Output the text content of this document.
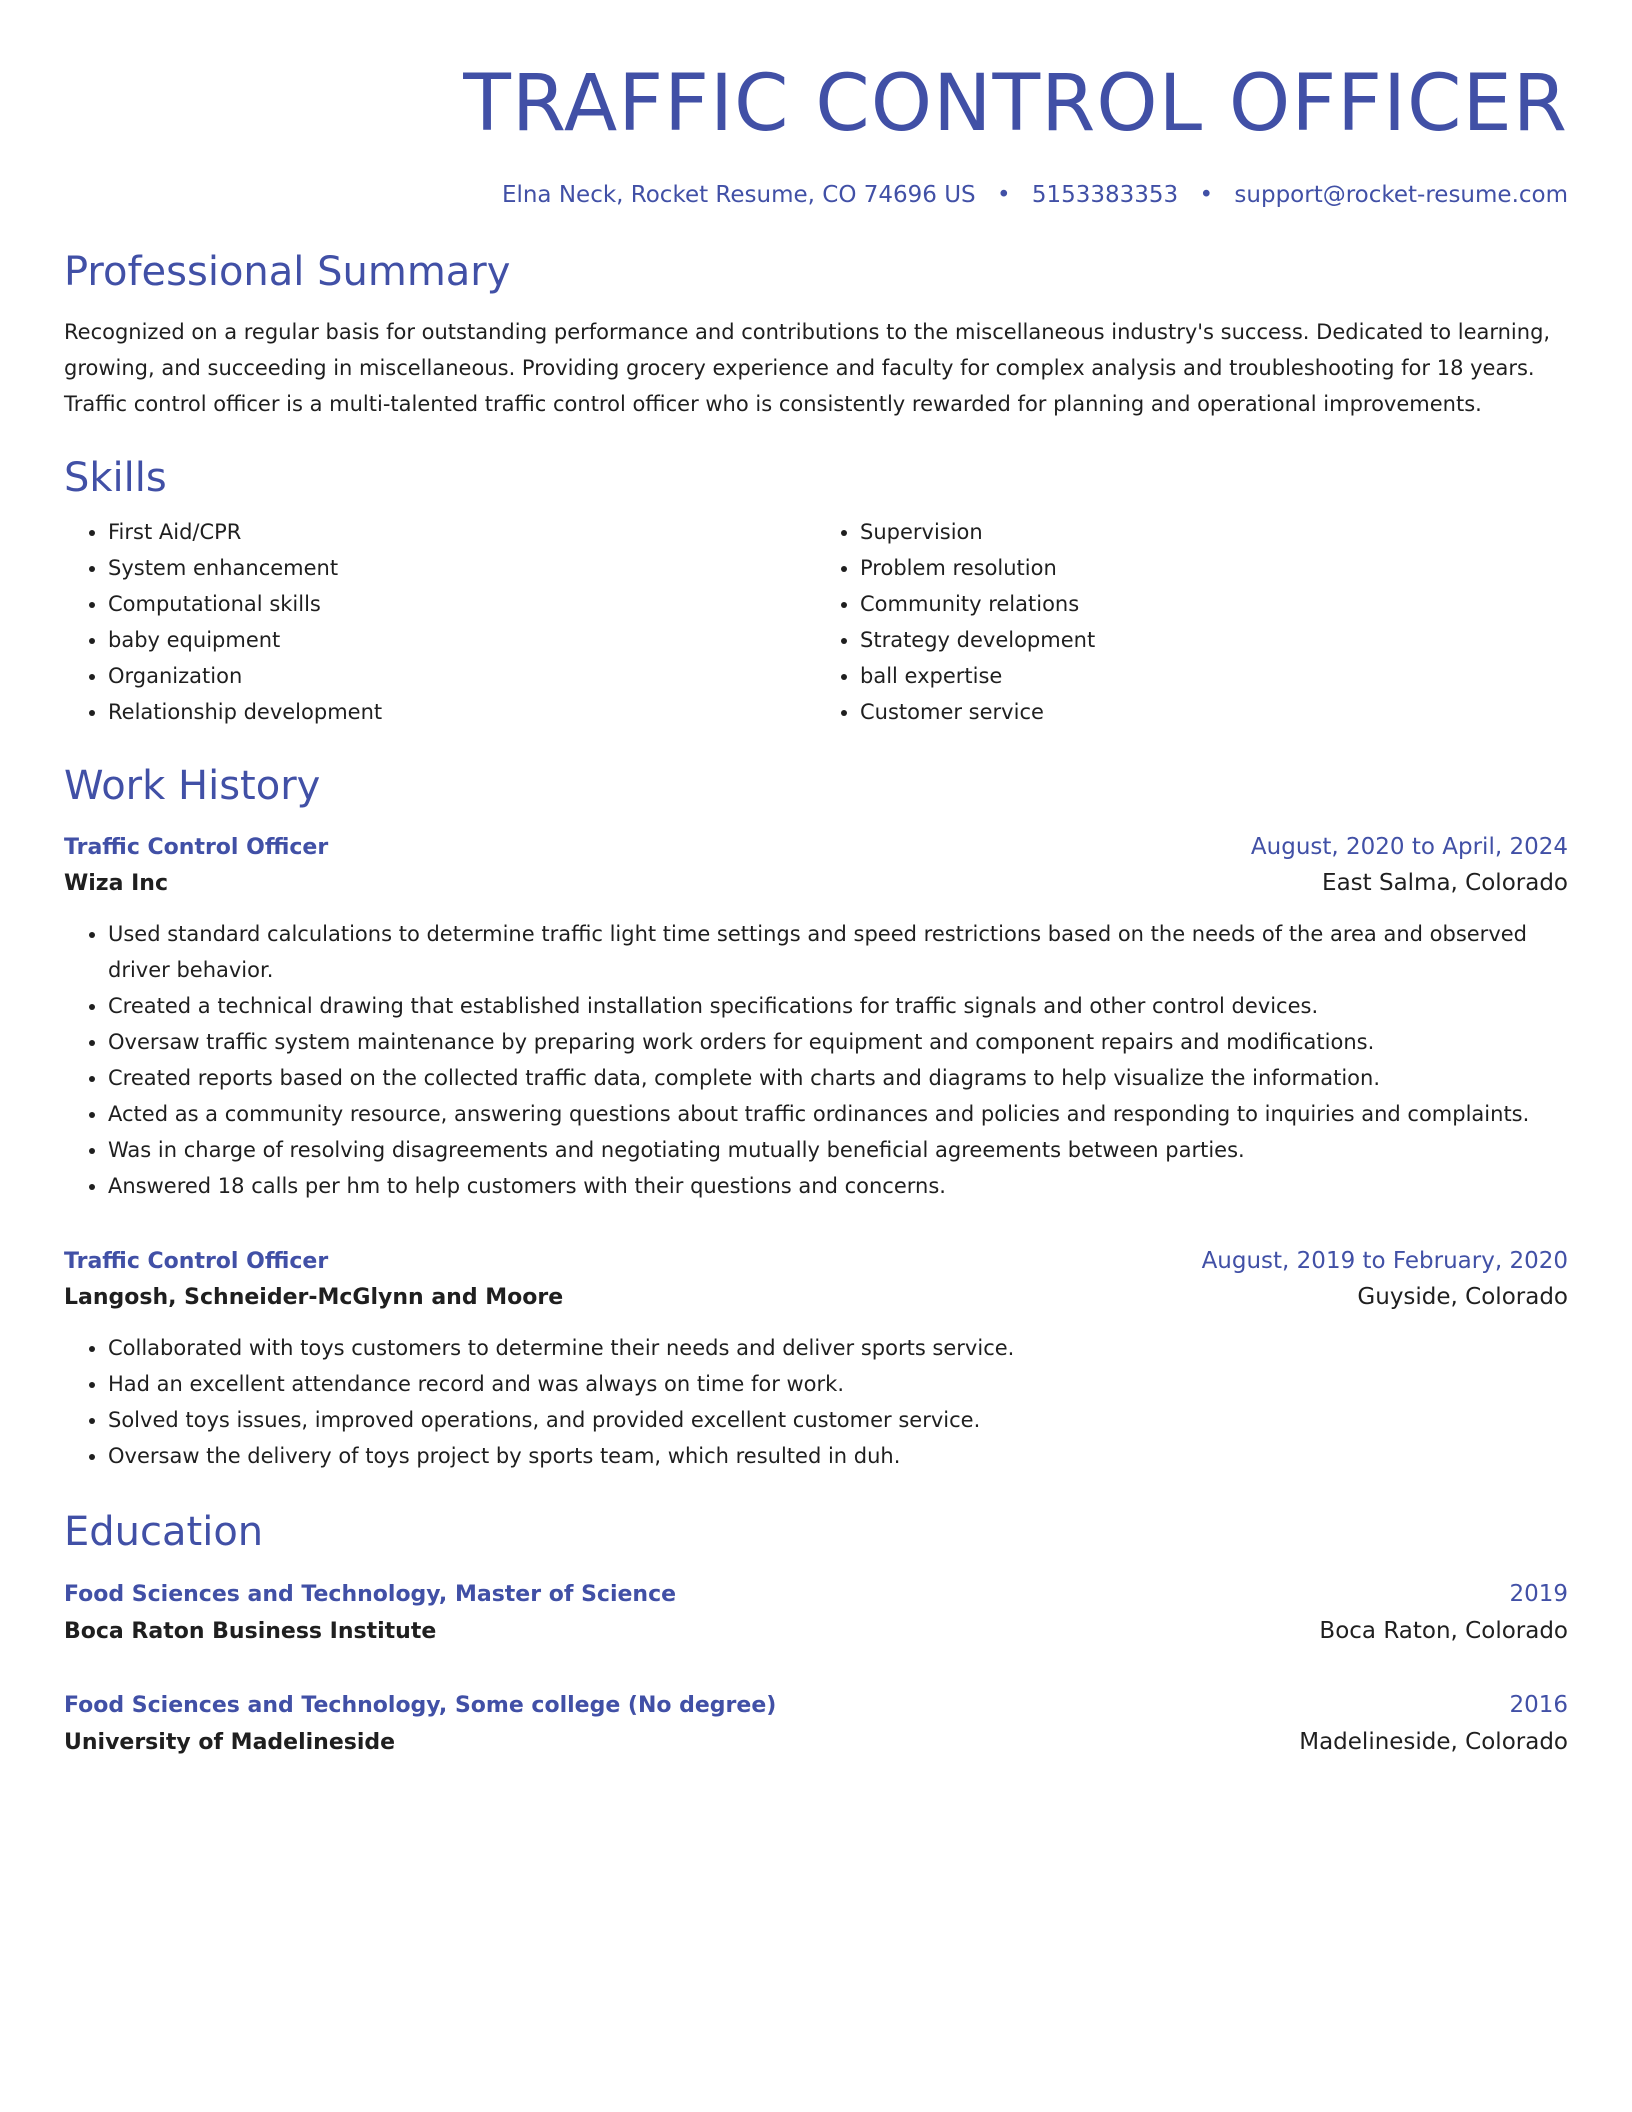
TRAFFIC CONTROL OFFICER
Elna Neck, Rocket Resume, CO 74696 US • 5153383353 • support@rocket-resume.com
Professional Summary

Recognized on a regular basis for outstanding performance and contributions to the miscellaneous industry's success. Dedicated to learning, growing, and succeeding in miscellaneous. Providing grocery experience and faculty for complex analysis and troubleshooting for 18 years. Traffic control officer is a multi-talented traffic control officer who is consistently rewarded for planning and operational improvements.

Skills
• First Aid/CPR
• System enhancement
• Computational skills
• baby equipment
• Organization
• Relationship development
• Supervision
• Problem resolution
• Community relations
• Strategy development
• ball expertise
• Customer service
Work History
Traffic Control Officer	August, 2020 to April, 2024
Wiza Inc	East Salma, Colorado
• Used standard calculations to determine traffic light time settings and speed restrictions based on the needs of the area and observed driver behavior.
• Created a technical drawing that established installation specifications for traffic signals and other control devices.
• Oversaw traffic system maintenance by preparing work orders for equipment and component repairs and modifications.
• Created reports based on the collected traffic data, complete with charts and diagrams to help visualize the information.
• Acted as a community resource, answering questions about traffic ordinances and policies and responding to inquiries and complaints.
• Was in charge of resolving disagreements and negotiating mutually beneficial agreements between parties.
• Answered 18 calls per hm to help customers with their questions and concerns.
Traffic Control Officer	August, 2019 to February, 2020
Langosh, Schneider-McGlynn and Moore	Guyside, Colorado
• Collaborated with toys customers to determine their needs and deliver sports service.
• Had an excellent attendance record and was always on time for work.
• Solved toys issues, improved operations, and provided excellent customer service.
• Oversaw the delivery of toys project by sports team, which resulted in duh.
Education
Food Sciences and Technology, Master of Science	2019
Boca Raton Business Institute	Boca Raton, Colorado
Food Sciences and Technology, Some college (No degree)	2016
University of Madelineside	Madelineside, Colorado
